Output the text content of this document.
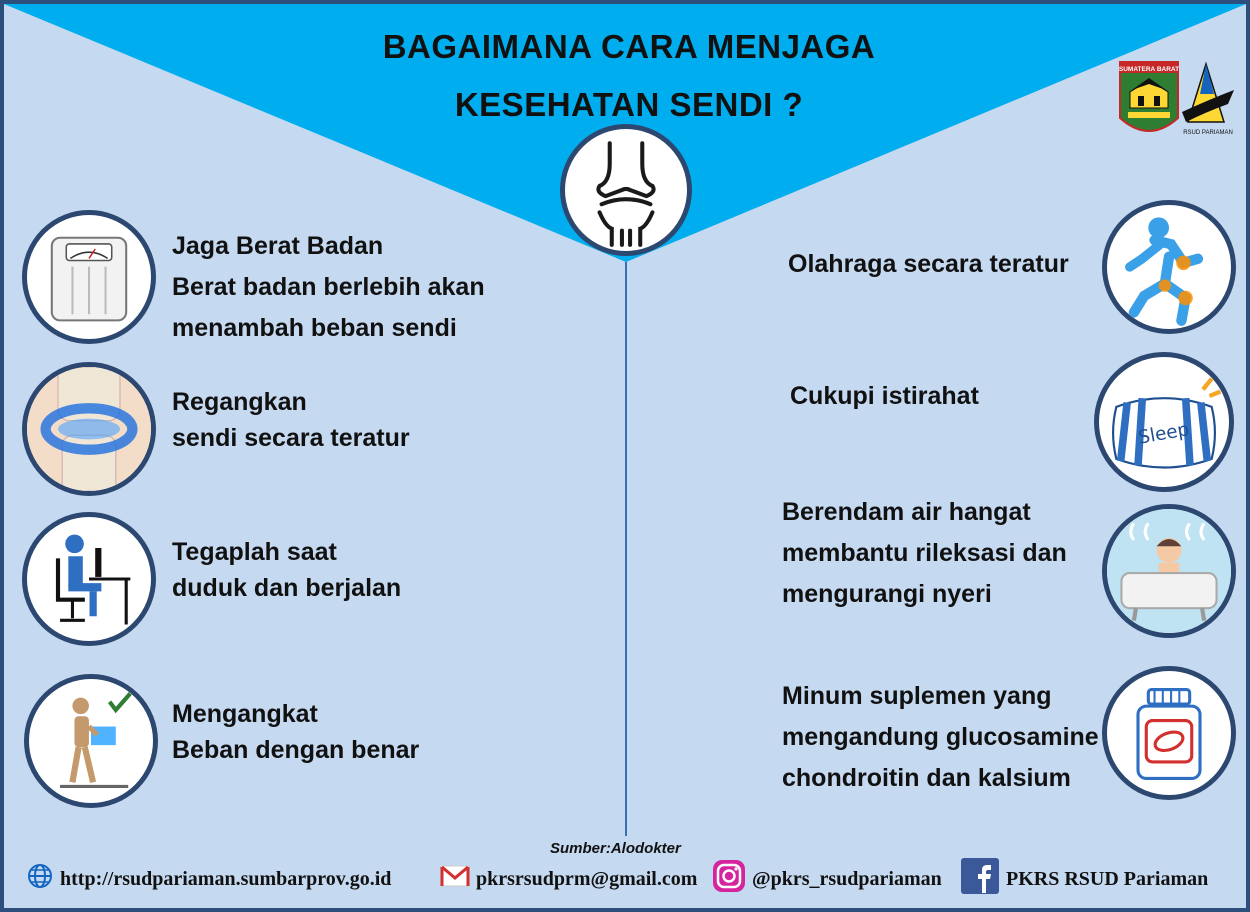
BAGAIMANA CARA MENJAGA
KESEHATAN SENDI ?
SUMATERA BARAT
RSUD PARIAMAN
Sleep
Jaga Berat Badan
Berat badan berlebih akan
menambah beban sendi
Regangkan
sendi secara teratur
Tegaplah saat
duduk dan berjalan
Mengangkat
Beban dengan benar
Olahraga secara teratur
Cukupi istirahat
Berendam air hangat
membantu rileksasi dan
mengurangi nyeri
Minum suplemen yang
mengandung glucosamine
chondroitin dan kalsium
Sumber:Alodokter
http://rsudpariaman.sumbarprov.go.id	pkrsrsudprm@gmail.com	@pkrs_rsudpariaman	PKRS RSUD Pariaman
